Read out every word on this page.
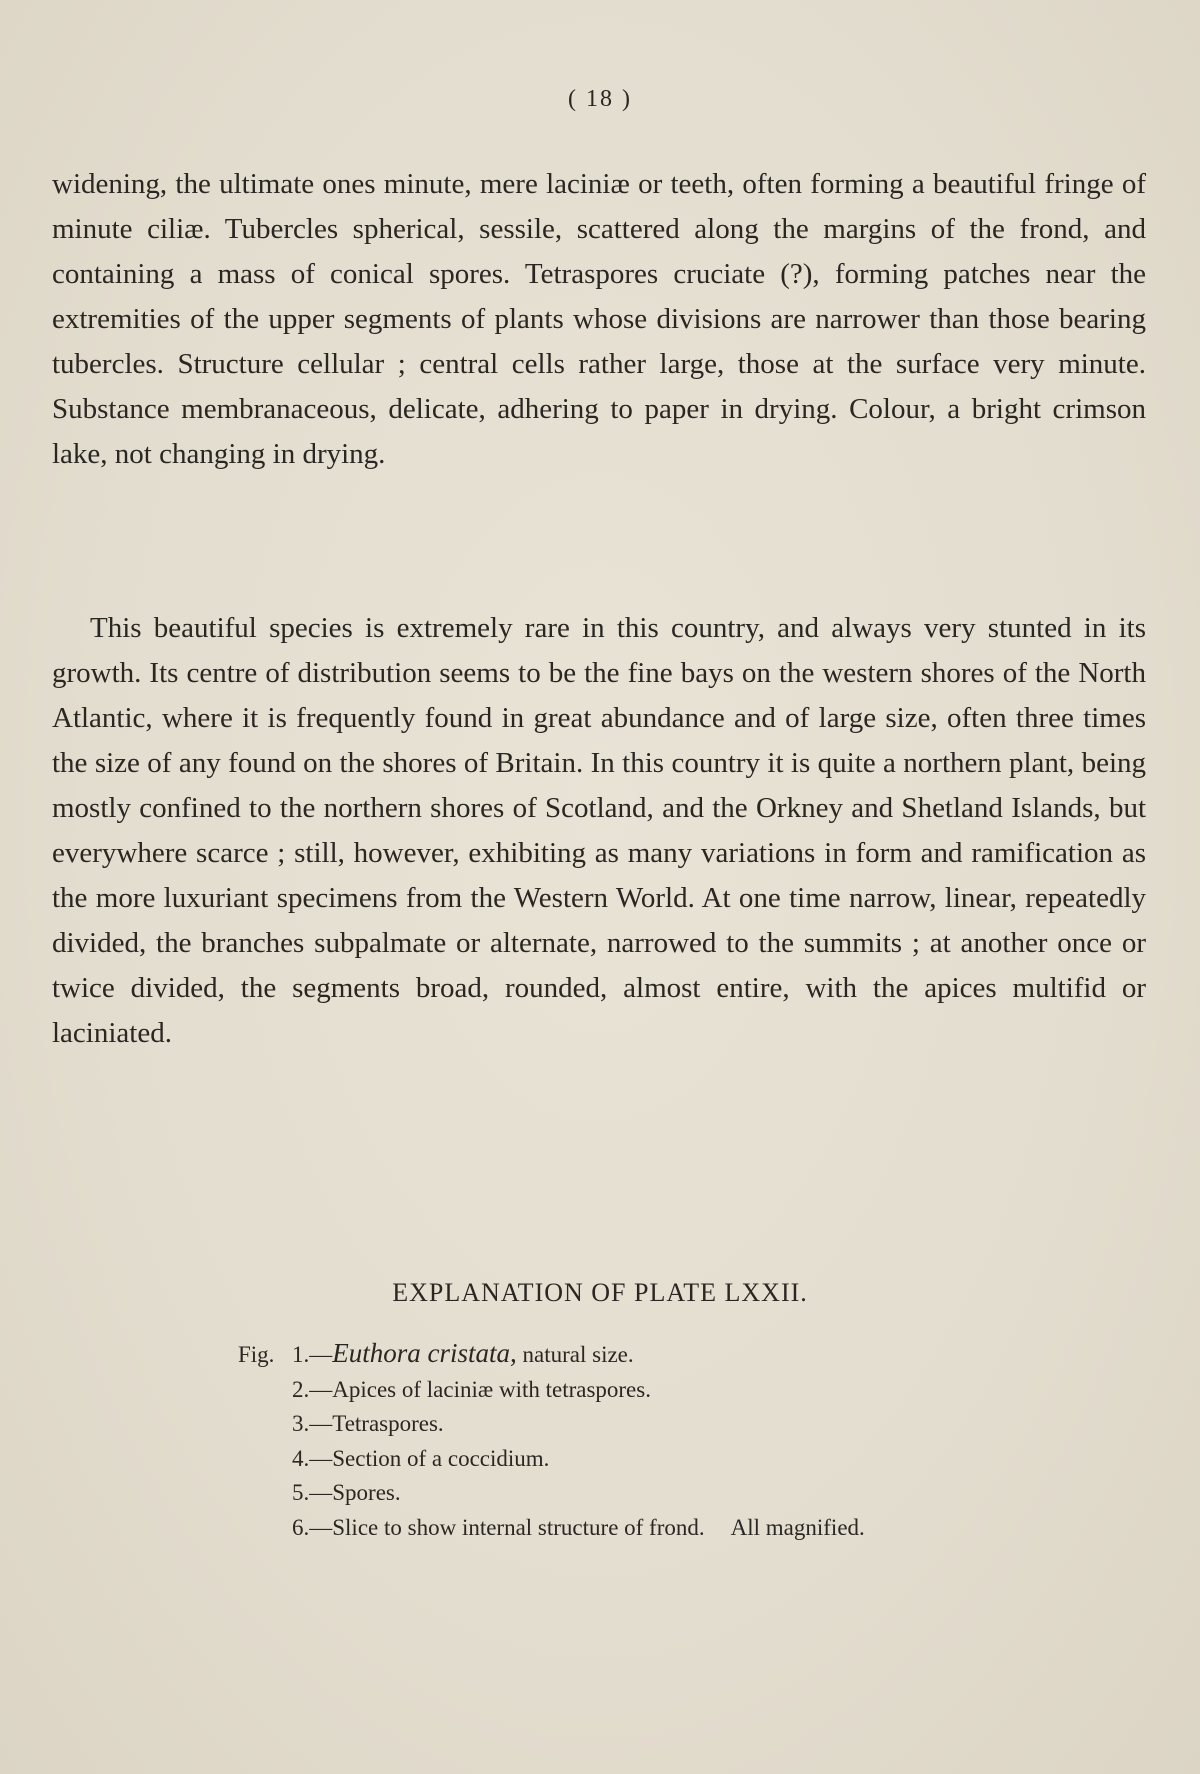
( 18 )

widening, the ultimate ones minute, mere laciniæ or teeth, often forming a beautiful fringe of minute ciliæ. Tubercles spherical, sessile, scattered along the margins of the frond, and containing a mass of conical spores. Tetraspores cruciate (?), forming patches near the extremities of the upper segments of plants whose divisions are narrower than those bearing tubercles. Structure cellular ; central cells rather large, those at the surface very minute. Substance membranaceous, delicate, adhering to paper in drying. Colour, a bright crimson lake, not changing in drying.

This beautiful species is extremely rare in this country, and always very stunted in its growth. Its centre of distribution seems to be the fine bays on the western shores of the North Atlantic, where it is frequently found in great abundance and of large size, often three times the size of any found on the shores of Britain. In this country it is quite a northern plant, being mostly confined to the northern shores of Scotland, and the Orkney and Shetland Islands, but everywhere scarce ; still, however, exhibiting as many variations in form and ramification as the more luxuriant specimens from the Western World. At one time narrow, linear, repeatedly divided, the branches subpalmate or alternate, narrowed to the summits ; at another once or twice divided, the segments broad, rounded, almost entire, with the apices multifid or laciniated.

EXPLANATION OF PLATE LXXII.
Fig. 1.—Euthora cristata, natural size.
2.—Apices of laciniæ with tetraspores.
3.—Tetraspores.
4.—Section of a coccidium.
5.—Spores.
6.—Slice to show internal structure of frond. All magnified.
